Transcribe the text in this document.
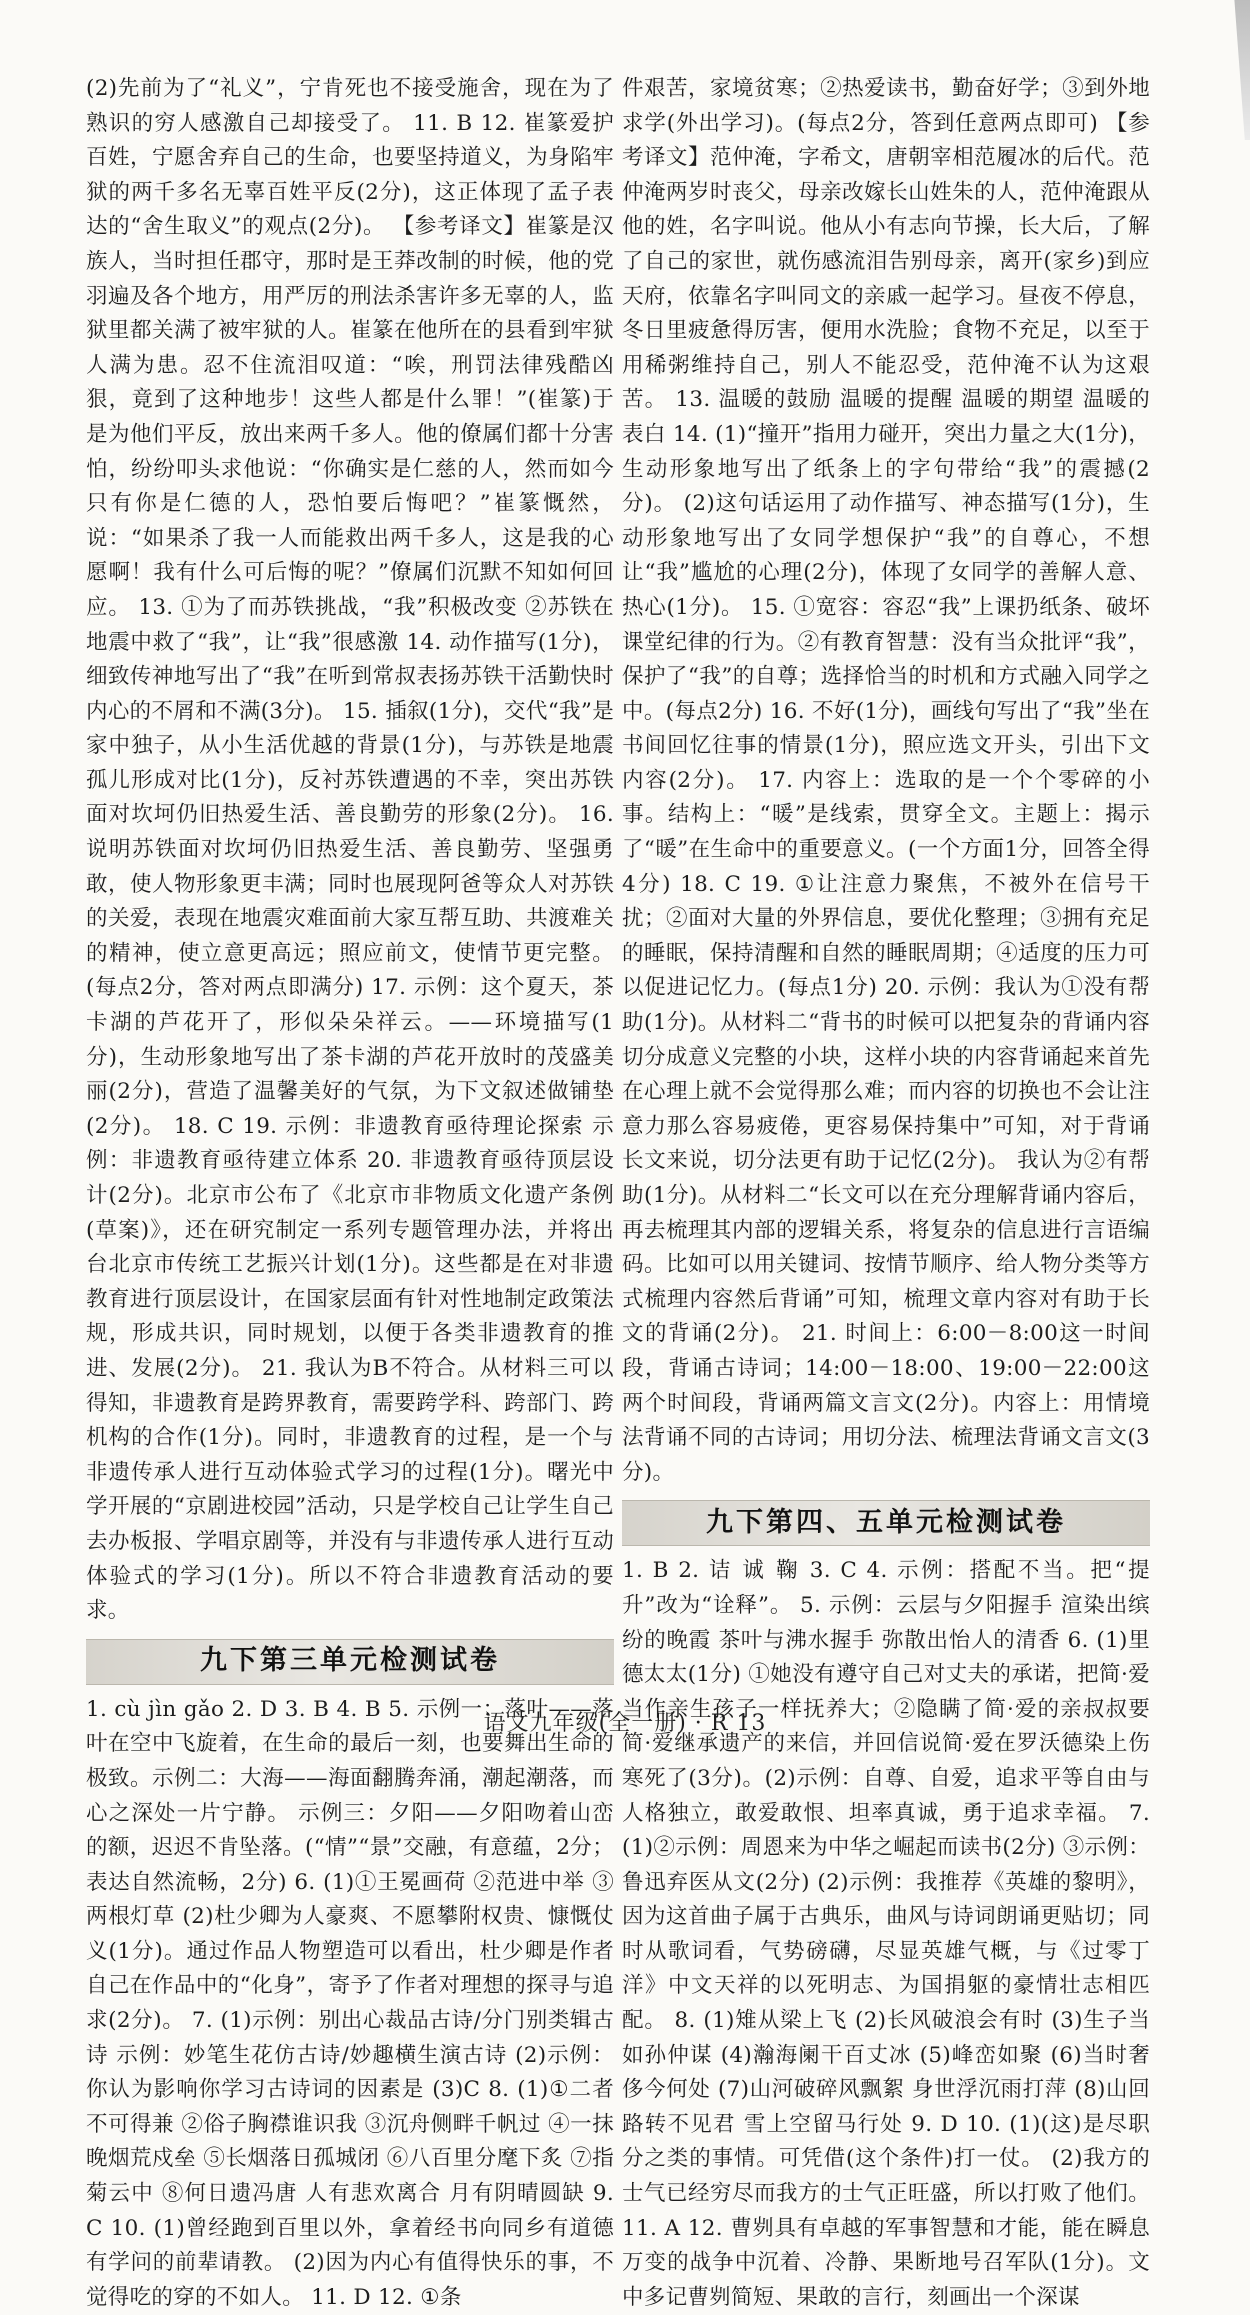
(2)先前为了“礼义”，宁肯死也不接受施舍，现在为了熟识的穷人感激自己却接受了。 11. B 12. 崔篆爱护百姓，宁愿舍弃自己的生命，也要坚持道义，为身陷牢狱的两千多名无辜百姓平反(2分)，这正体现了孟子表达的“舍生取义”的观点(2分)。 【参考译文】崔篆是汉族人，当时担任郡守，那时是王莽改制的时候，他的党羽遍及各个地方，用严厉的刑法杀害许多无辜的人，监狱里都关满了被牢狱的人。崔篆在他所在的县看到牢狱人满为患。忍不住流泪叹道：“唉，刑罚法律残酷凶狠，竟到了这种地步！这些人都是什么罪！”(崔篆)于是为他们平反，放出来两千多人。他的僚属们都十分害怕，纷纷叩头求他说：“你确实是仁慈的人，然而如今只有你是仁德的人，恐怕要后悔吧？”崔篆慨然，说：“如果杀了我一人而能救出两千多人，这是我的心愿啊！我有什么可后悔的呢？”僚属们沉默不知如何回应。 13. ①为了而苏铁挑战，“我”积极改变 ②苏铁在地震中救了“我”，让“我”很感激 14. 动作描写(1分)，细致传神地写出了“我”在听到常叔表扬苏铁干活勤快时内心的不屑和不满(3分)。 15. 插叙(1分)，交代“我”是家中独子，从小生活优越的背景(1分)，与苏铁是地震孤儿形成对比(1分)，反衬苏铁遭遇的不幸，突出苏铁面对坎坷仍旧热爱生活、善良勤劳的形象(2分)。 16. 说明苏铁面对坎坷仍旧热爱生活、善良勤劳、坚强勇敢，使人物形象更丰满；同时也展现阿爸等众人对苏铁的关爱，表现在地震灾难面前大家互帮互助、共渡难关的精神，使立意更高远；照应前文，使情节更完整。(每点2分，答对两点即满分) 17. 示例：这个夏天，茶卡湖的芦花开了，形似朵朵祥云。——环境描写(1分)，生动形象地写出了茶卡湖的芦花开放时的茂盛美丽(2分)，营造了温馨美好的气氛，为下文叙述做铺垫(2分)。 18. C 19. 示例：非遗教育亟待理论探索 示例：非遗教育亟待建立体系 20. 非遗教育亟待顶层设计(2分)。北京市公布了《北京市非物质文化遗产条例(草案)》，还在研究制定一系列专题管理办法，并将出台北京市传统工艺振兴计划(1分)。这些都是在对非遗教育进行顶层设计，在国家层面有针对性地制定政策法规，形成共识，同时规划，以便于各类非遗教育的推进、发展(2分)。 21. 我认为B不符合。从材料三可以得知，非遗教育是跨界教育，需要跨学科、跨部门、跨机构的合作(1分)。同时，非遗教育的过程，是一个与非遗传承人进行互动体验式学习的过程(1分)。曙光中学开展的“京剧进校园”活动，只是学校自己让学生自己去办板报、学唱京剧等，并没有与非遗传承人进行互动体验式的学习(1分)。所以不符合非遗教育活动的要求。

九下第三单元检测试卷

1. cù jìn gǎo 2. D 3. B 4. B 5. 示例一：落叶——落叶在空中飞旋着，在生命的最后一刻，也要舞出生命的极致。示例二：大海——海面翻腾奔涌，潮起潮落，而心之深处一片宁静。 示例三：夕阳——夕阳吻着山峦的额，迟迟不肯坠落。(“情”“景”交融，有意蕴，2分；表达自然流畅，2分) 6. (1)①王冕画荷 ②范进中举 ③两根灯草 (2)杜少卿为人豪爽、不愿攀附权贵、慷慨仗义(1分)。通过作品人物塑造可以看出，杜少卿是作者自己在作品中的“化身”，寄予了作者对理想的探寻与追求(2分)。 7. (1)示例：别出心裁品古诗/分门别类辑古诗 示例：妙笔生花仿古诗/妙趣横生演古诗 (2)示例：你认为影响你学习古诗词的因素是 (3)C 8. (1)①二者不可得兼 ②俗子胸襟谁识我 ③沉舟侧畔千帆过 ④一抹晚烟荒戍垒 ⑤长烟落日孤城闭 ⑥八百里分麾下炙 ⑦指菊云中 ⑧何日遗冯唐 人有悲欢离合 月有阴晴圆缺 9. C 10. (1)曾经跑到百里以外，拿着经书向同乡有道德有学问的前辈请教。 (2)因为内心有值得快乐的事，不觉得吃的穿的不如人。 11. D 12. ①条

件艰苦，家境贫寒；②热爱读书，勤奋好学；③到外地求学(外出学习)。(每点2分，答到任意两点即可) 【参考译文】范仲淹，字希文，唐朝宰相范履冰的后代。范仲淹两岁时丧父，母亲改嫁长山姓朱的人，范仲淹跟从他的姓，名字叫说。他从小有志向节操，长大后，了解了自己的家世，就伤感流泪告别母亲，离开(家乡)到应天府，依靠名字叫同文的亲戚一起学习。昼夜不停息，冬日里疲惫得厉害，便用水洗脸；食物不充足，以至于用稀粥维持自己，别人不能忍受，范仲淹不认为这艰苦。 13. 温暖的鼓励 温暖的提醒 温暖的期望 温暖的表白 14. (1)“撞开”指用力碰开，突出力量之大(1分)，生动形象地写出了纸条上的字句带给“我”的震撼(2分)。 (2)这句话运用了动作描写、神态描写(1分)，生动形象地写出了女同学想保护“我”的自尊心，不想让“我”尴尬的心理(2分)，体现了女同学的善解人意、热心(1分)。 15. ①宽容：容忍“我”上课扔纸条、破坏课堂纪律的行为。②有教育智慧：没有当众批评“我”，保护了“我”的自尊；选择恰当的时机和方式融入同学之中。(每点2分) 16. 不好(1分)，画线句写出了“我”坐在书间回忆往事的情景(1分)，照应选文开头，引出下文内容(2分)。 17. 内容上：选取的是一个个零碎的小事。结构上：“暖”是线索，贯穿全文。主题上：揭示了“暖”在生命中的重要意义。(一个方面1分，回答全得4分) 18. C 19. ①让注意力聚焦，不被外在信号干扰；②面对大量的外界信息，要优化整理；③拥有充足的睡眠，保持清醒和自然的睡眠周期；④适度的压力可以促进记忆力。(每点1分) 20. 示例：我认为①没有帮助(1分)。从材料二“背书的时候可以把复杂的背诵内容切分成意义完整的小块，这样小块的内容背诵起来首先在心理上就不会觉得那么难；而内容的切换也不会让注意力那么容易疲倦，更容易保持集中”可知，对于背诵长文来说，切分法更有助于记忆(2分)。 我认为②有帮助(1分)。从材料二“长文可以在充分理解背诵内容后，再去梳理其内部的逻辑关系，将复杂的信息进行言语编码。比如可以用关键词、按情节顺序、给人物分类等方式梳理内容然后背诵”可知，梳理文章内容对有助于长文的背诵(2分)。 21. 时间上：6:00－8:00这一时间段，背诵古诗词；14:00－18:00、19:00－22:00这两个时间段，背诵两篇文言文(2分)。内容上：用情境法背诵不同的古诗词；用切分法、梳理法背诵文言文(3分)。

九下第四、五单元检测试卷

1. B 2. 诘 诚 鞠 3. C 4. 示例：搭配不当。把“提升”改为“诠释”。 5. 示例：云层与夕阳握手 渲染出缤纷的晚霞 茶叶与沸水握手 弥散出怡人的清香 6. (1)里德太太(1分) ①她没有遵守自己对丈夫的承诺，把简·爱当作亲生孩子一样抚养大；②隐瞒了简·爱的亲叔叔要简·爱继承遗产的来信，并回信说简·爱在罗沃德染上伤寒死了(3分)。(2)示例：自尊、自爱，追求平等自由与人格独立，敢爱敢恨、坦率真诚，勇于追求幸福。 7. (1)②示例：周恩来为中华之崛起而读书(2分) ③示例：鲁迅弃医从文(2分) (2)示例：我推荐《英雄的黎明》，因为这首曲子属于古典乐，曲风与诗词朗诵更贴切；同时从歌词看，气势磅礴，尽显英雄气概，与《过零丁洋》中文天祥的以死明志、为国捐躯的豪情壮志相匹配。 8. (1)雉从梁上飞 (2)长风破浪会有时 (3)生子当如孙仲谋 (4)瀚海阑干百丈冰 (5)峰峦如聚 (6)当时奢侈今何处 (7)山河破碎风飘絮 身世浮沉雨打萍 (8)山回路转不见君 雪上空留马行处 9. D 10. (1)(这)是尽职分之类的事情。可凭借(这个条件)打一仗。 (2)我方的士气已经穷尽而我方的士气正旺盛，所以打败了他们。 11. A 12. 曹刿具有卓越的军事智慧和才能，能在瞬息万变的战争中沉着、冷静、果断地号召军队(1分)。文中多记曹刿简短、果敢的言行，刻画出一个深谋

语文九年级(全一册) · R 13
